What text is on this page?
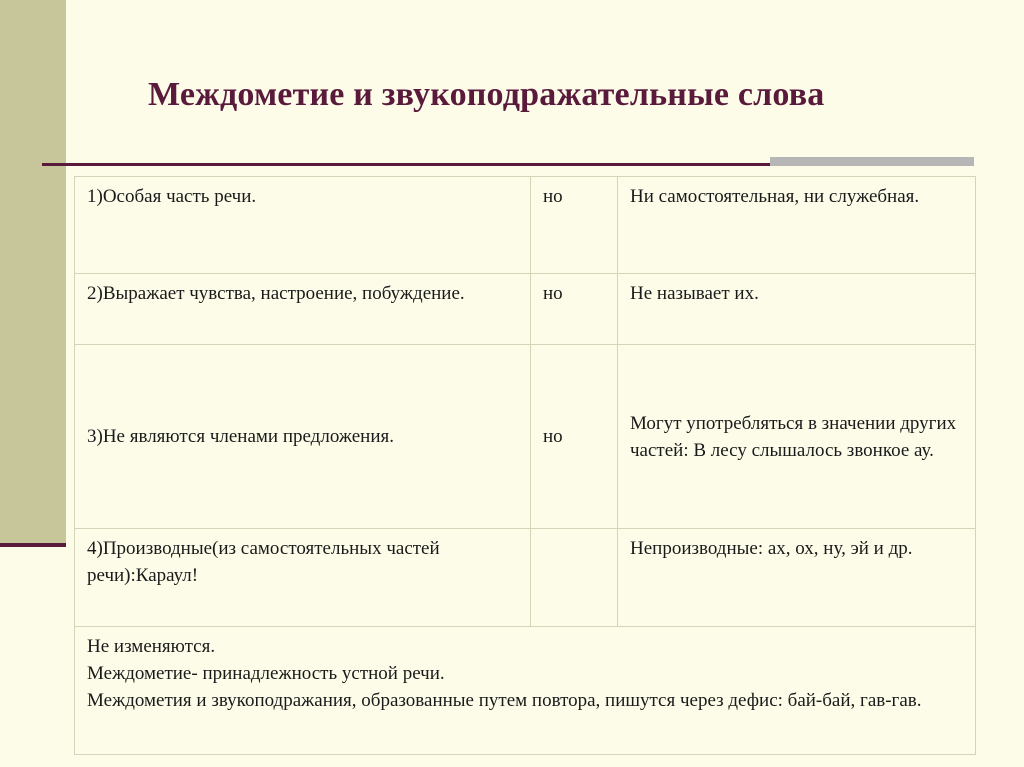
Междометие и звукоподражательные слова
1)Особая часть речи.	но	Ни самостоятельная, ни служебная.
2)Выражает чувства, настроение, побуждение.	но	Не называет их.
3)Не являются членами предложения.	но	Могут употребляться в значении других частей: В лесу слышалось звонкое ау.
4)Производные(из самостоятельных частей речи):Караул!		Непроизводные: ах, ох, ну, эй и др.

Не изменяются.
Междометие- принадлежность устной речи.
Междометия и звукоподражания, образованные путем повтора, пишутся через дефис: бай-бай, гав-гав.		
